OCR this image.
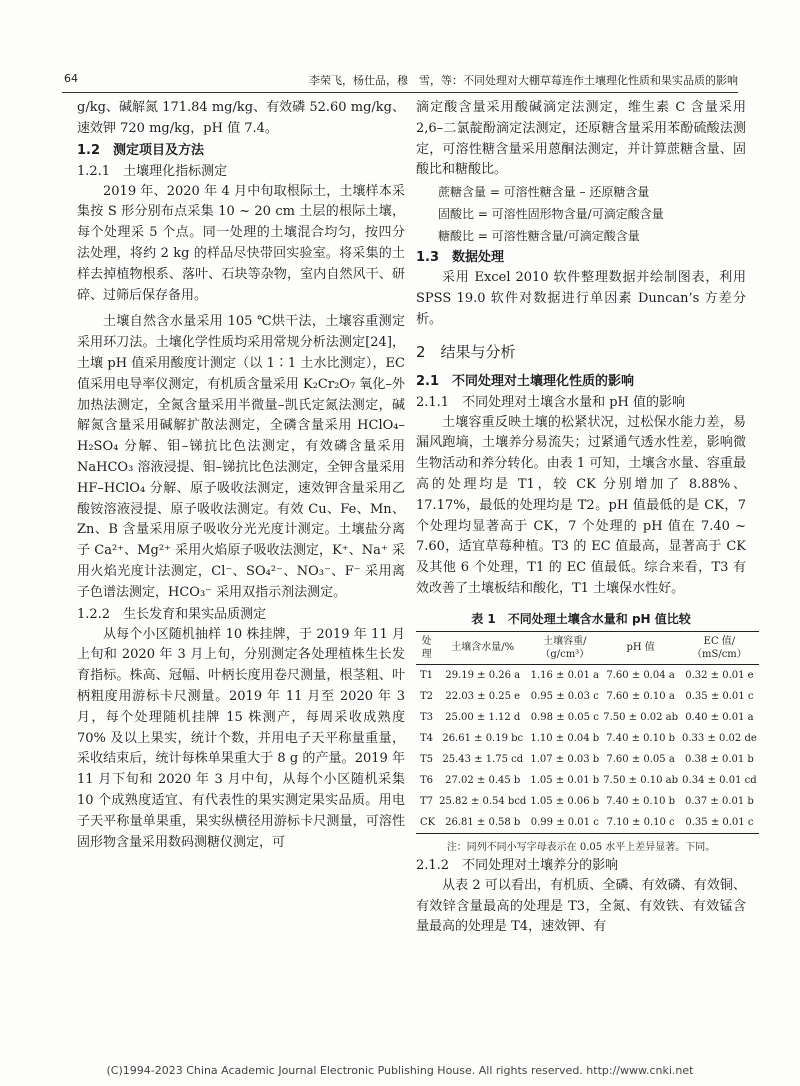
64	李荣飞，杨仕品，穆　雪，等：不同处理对大棚草莓连作土壤理化性质和果实品质的影响

g/kg、碱解氮 171.84 mg/kg、有效磷 52.60 mg/kg、速效钾 720 mg/kg，pH 值 7.4。

1.2　测定项目及方法
1.2.1　土壤理化指标测定

2019 年、2020 年 4 月中旬取根际土，土壤样本采集按 S 形分别布点采集 10 ~ 20 cm 土层的根际土壤，每个处理采 5 个点。同一处理的土壤混合均匀，按四分法处理，将约 2 kg 的样品尽快带回实验室。将采集的土样去掉植物根系、落叶、石块等杂物，室内自然风干、研碎、过筛后保存备用。

土壤自然含水量采用 105 ℃烘干法，土壤容重测定采用环刀法。土壤化学性质均采用常规分析法测定[24]，土壤 pH 值采用酸度计测定（以 1∶1 土水比测定），EC 值采用电导率仪测定，有机质含量采用 K₂Cr₂O₇ 氧化–外加热法测定，全氮含量采用半微量–凯氏定氮法测定，碱解氮含量采用碱解扩散法测定，全磷含量采用 HClO₄–H₂SO₄ 分解、钼–锑抗比色法测定，有效磷含量采用 NaHCO₃ 溶液浸提、钼–锑抗比色法测定，全钾含量采用 HF–HClO₄ 分解、原子吸收法测定，速效钾含量采用乙酸铵溶液浸提、原子吸收法测定。有效 Cu、Fe、Mn、Zn、B 含量采用原子吸收分光光度计测定。土壤盐分离子 Ca²⁺、Mg²⁺ 采用火焰原子吸收法测定，K⁺、Na⁺ 采用火焰光度计法测定，Cl⁻、SO₄²⁻、NO₃⁻、F⁻ 采用离子色谱法测定，HCO₃⁻ 采用双指示剂法测定。

1.2.2　生长发育和果实品质测定

从每个小区随机抽样 10 株挂牌，于 2019 年 11 月上旬和 2020 年 3 月上旬，分别测定各处理植株生长发育指标。株高、冠幅、叶柄长度用卷尺测量，根茎粗、叶柄粗度用游标卡尺测量。2019 年 11 月至 2020 年 3 月，每个处理随机挂牌 15 株测产，每周采收成熟度 70% 及以上果实，统计个数，并用电子天平称量重量，采收结束后，统计每株单果重大于 8 g 的产量。2019 年 11 月下旬和 2020 年 3 月中旬，从每个小区随机采集 10 个成熟度适宜、有代表性的果实测定果实品质。用电子天平称量单果重，果实纵横径用游标卡尺测量，可溶性固形物含量采用数码测糖仪测定，可

滴定酸含量采用酸碱滴定法测定，维生素 C 含量采用 2,6–二氯靛酚滴定法测定，还原糖含量采用苯酚硫酸法测定，可溶性糖含量采用蒽酮法测定，并计算蔗糖含量、固酸比和糖酸比。

蔗糖含量 = 可溶性糖含量 – 还原糖含量
固酸比 = 可溶性固形物含量/可滴定酸含量
糖酸比 = 可溶性糖含量/可滴定酸含量
1.3　数据处理

采用 Excel 2010 软件整理数据并绘制图表，利用 SPSS 19.0 软件对数据进行单因素 Duncan’s 方差分析。

2　结果与分析
2.1　不同处理对土壤理化性质的影响
2.1.1　不同处理对土壤含水量和 pH 值的影响

土壤容重反映土壤的松紧状况，过松保水能力差，易漏风跑墒，土壤养分易流失；过紧通气透水性差，影响微生物活动和养分转化。由表 1 可知，土壤含水量、容重最高的处理均是 T1，较 CK 分别增加了 8.88%、17.17%，最低的处理均是 T2。pH 值最低的是 CK，7 个处理均显著高于 CK，7 个处理的 pH 值在 7.40 ~ 7.60，适宜草莓种植。T3 的 EC 值最高，显著高于 CK 及其他 6 个处理，T1 的 EC 值最低。综合来看，T3 有效改善了土壤板结和酸化，T1 土壤保水性好。

表 1　不同处理土壤含水量和 pH 值比较
处理	土壤含水量/%	土壤容重/（g/cm³）	pH 值	EC 值/（mS/cm）
T1	29.19 ± 0.26 a	1.16 ± 0.01 a	7.60 ± 0.04 a	0.32 ± 0.01 e
T2	22.03 ± 0.25 e	0.95 ± 0.03 c	7.60 ± 0.10 a	0.35 ± 0.01 c
T3	25.00 ± 1.12 d	0.98 ± 0.05 c	7.50 ± 0.02 ab	0.40 ± 0.01 a
T4	26.61 ± 0.19 bc	1.10 ± 0.04 b	7.40 ± 0.10 b	0.33 ± 0.02 de
T5	25.43 ± 1.75 cd	1.07 ± 0.03 b	7.60 ± 0.05 a	0.38 ± 0.01 b
T6	27.02 ± 0.45 b	1.05 ± 0.01 b	7.50 ± 0.10 ab	0.34 ± 0.01 cd
T7	25.82 ± 0.54 bcd	1.05 ± 0.06 b	7.40 ± 0.10 b	0.37 ± 0.01 b
CK	26.81 ± 0.58 b	0.99 ± 0.01 c	7.10 ± 0.10 c	0.35 ± 0.01 c
注：同列不同小写字母表示在 0.05 水平上差异显著。下同。
2.1.2　不同处理对土壤养分的影响

从表 2 可以看出，有机质、全磷、有效磷、有效铜、有效锌含量最高的处理是 T3，全氮、有效铁、有效锰含量最高的处理是 T4，速效钾、有

(C)1994-2023 China Academic Journal Electronic Publishing House. All rights reserved. http://www.cnki.net
